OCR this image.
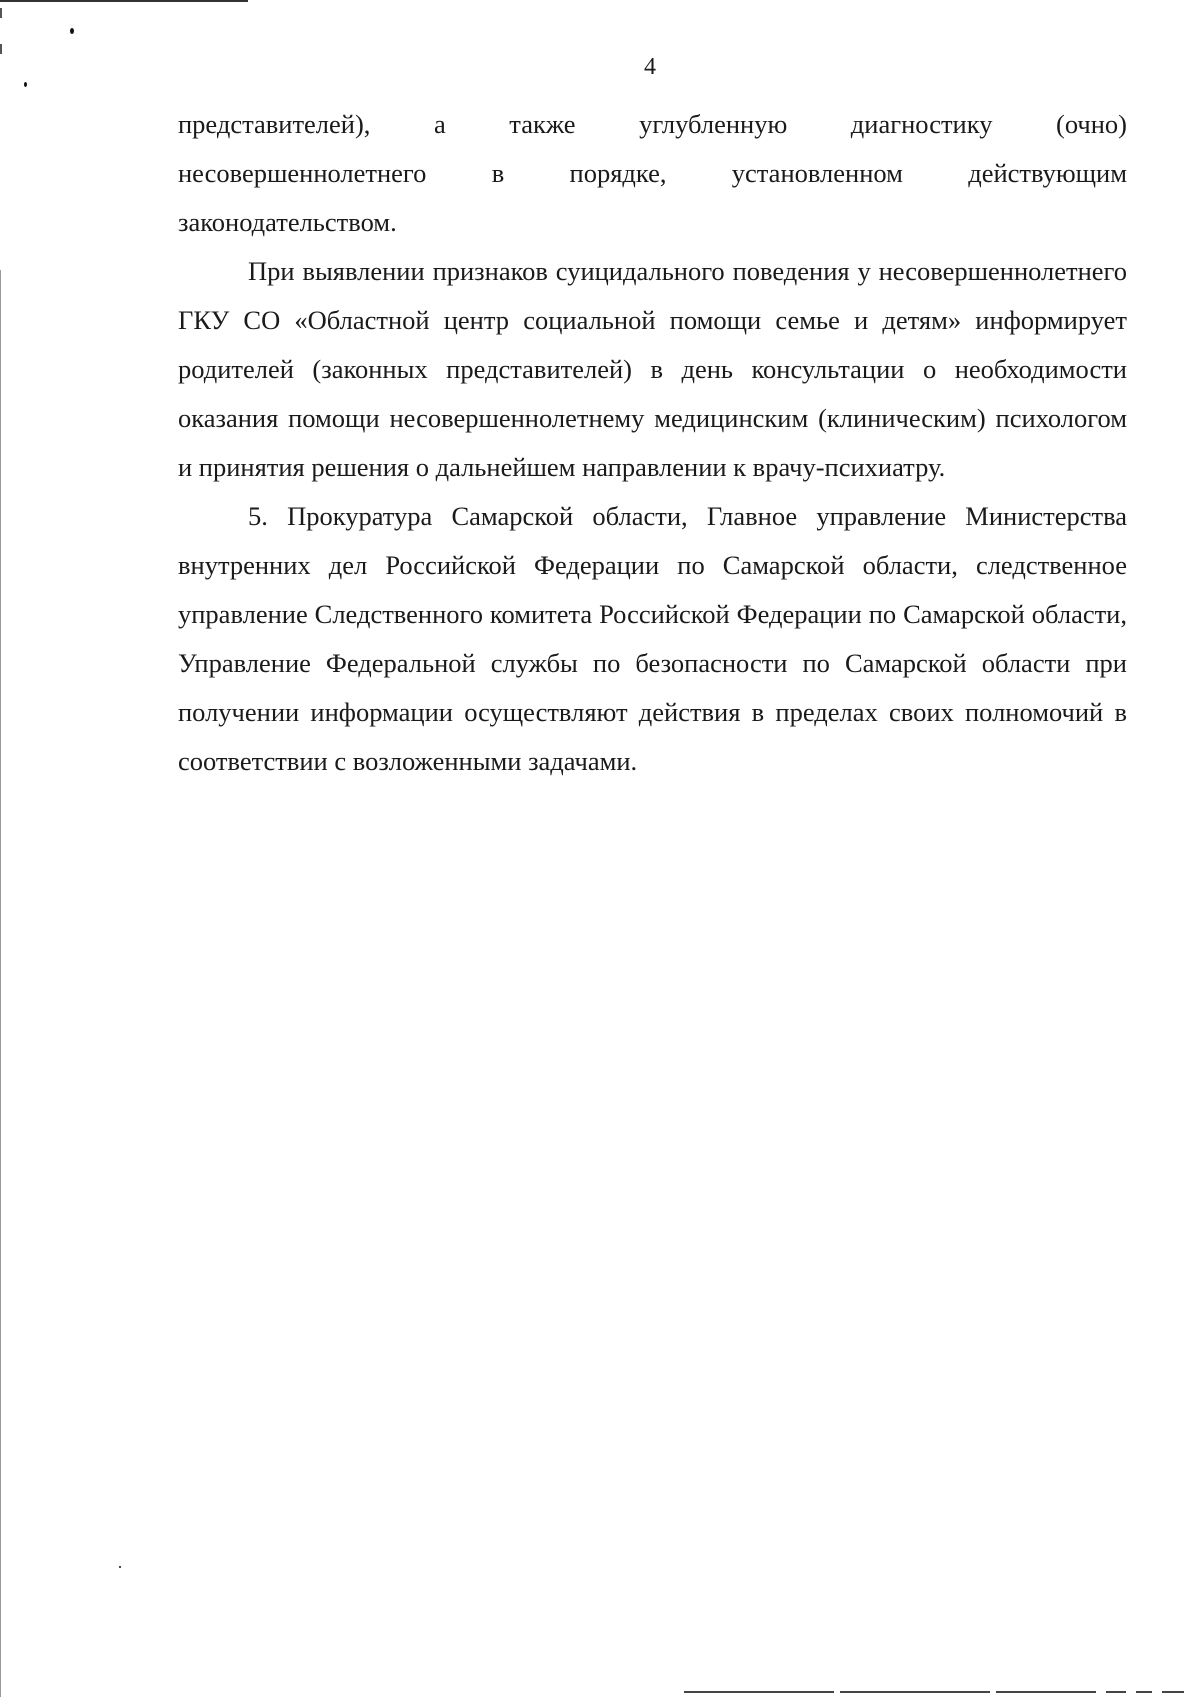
4

представителей), а также углубленную диагностику (очно)
несовершеннолетнего в порядке, установленном действующим
законодательством.

При выявлении признаков суицидального поведения у несовершеннолетнего ГКУ СО «Областной центр социальной помощи семье и детям» информирует родителей (законных представителей) в день консультации о необходимости оказания помощи несовершеннолетнему медицинским (клиническим) психологом и принятия решения о дальнейшем направлении к врачу-психиатру.

5. Прокуратура Самарской области, Главное управление Министерства внутренних дел Российской Федерации по Самарской области, следственное управление Следственного комитета Российской Федерации по Самарской области, Управление Федеральной службы по безопасности по Самарской области при получении информации осуществляют действия в пределах своих полномочий в соответствии с возложенными задачами.
